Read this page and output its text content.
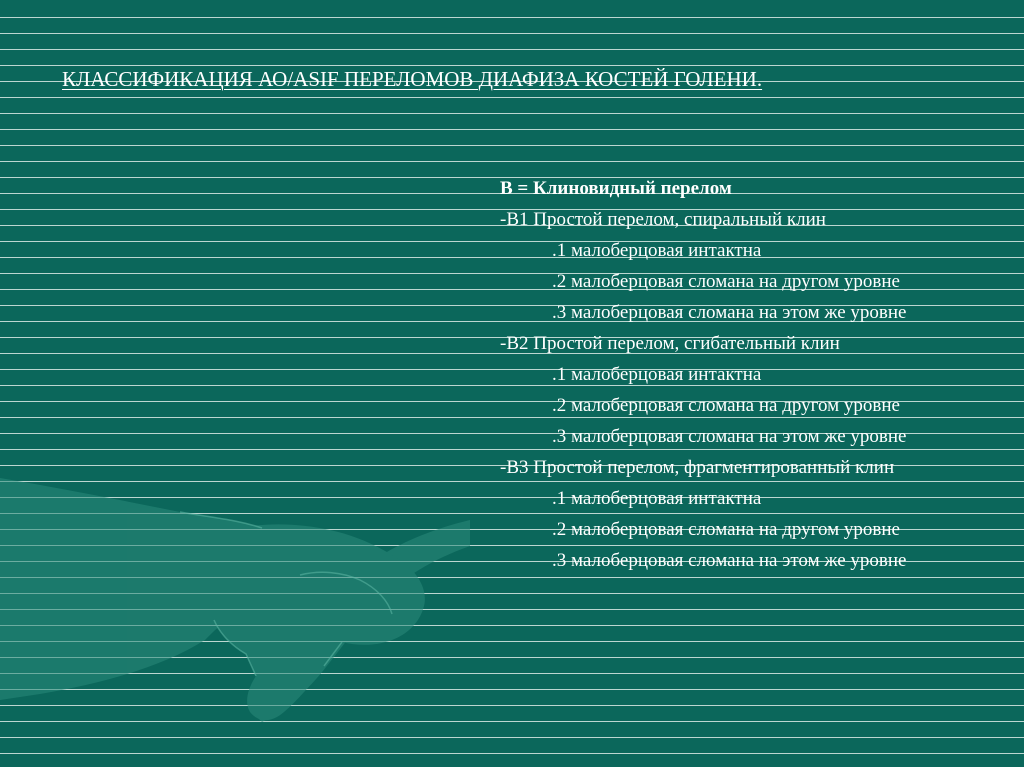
КЛАССИФИКАЦИЯ АО/ASIF ПЕРЕЛОМОВ ДИАФИЗА КОСТЕЙ ГОЛЕНИ.
B = Клиновидный перелом
-B1 Простой перелом, спиральный клин
.1 малоберцовая интактна
.2 малоберцовая сломана на другом уровне
.3 малоберцовая сломана на этом же уровне
-B2 Простой перелом, сгибательный клин
.1 малоберцовая интактна
.2 малоберцовая сломана на другом уровне
.3 малоберцовая сломана на этом же уровне
-B3 Простой перелом, фрагментированный клин
.1 малоберцовая интактна
.2 малоберцовая сломана на другом уровне
.3 малоберцовая сломана на этом же уровне
